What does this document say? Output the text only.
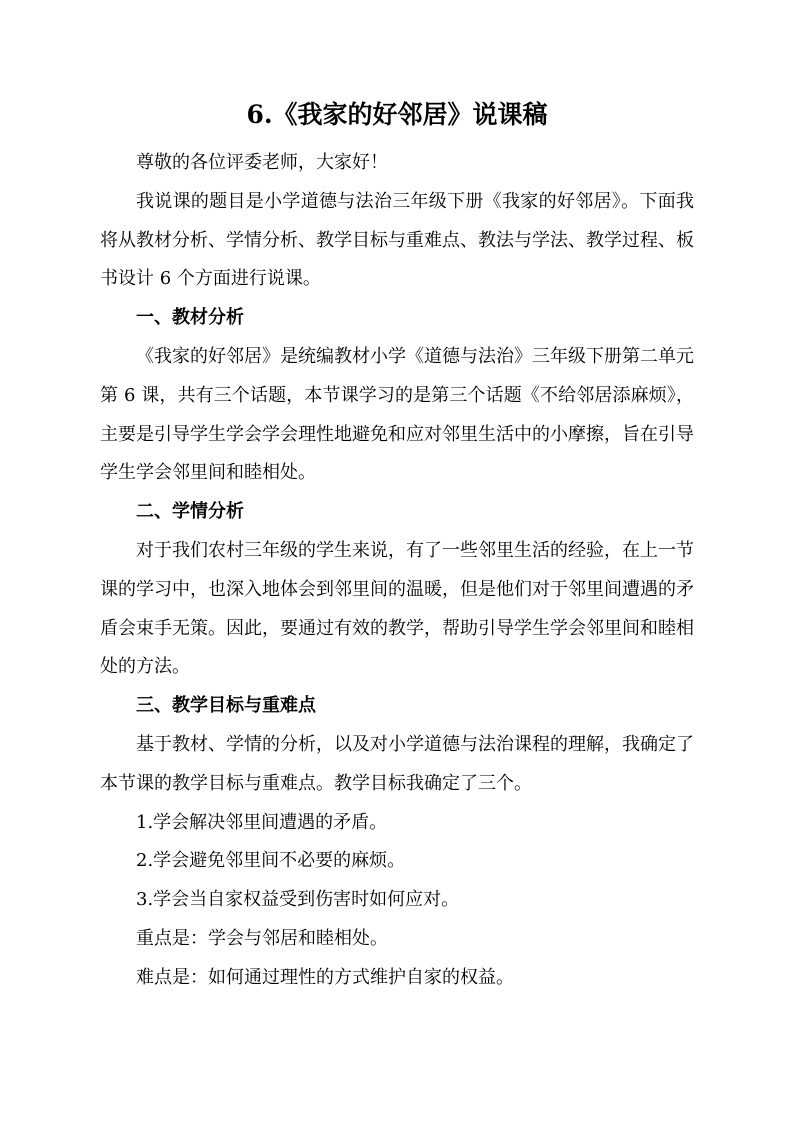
6.《我家的好邻居》说课稿

尊敬的各位评委老师，大家好！

我说课的题目是小学道德与法治三年级下册《我家的好邻居》。下面我将从教材分析、学情分析、教学目标与重难点、教法与学法、教学过程、板书设计 6 个方面进行说课。

一、教材分析

《我家的好邻居》是统编教材小学《道德与法治》三年级下册第二单元第 6 课，共有三个话题，本节课学习的是第三个话题《不给邻居添麻烦》，主要是引导学生学会学会理性地避免和应对邻里生活中的小摩擦，旨在引导学生学会邻里间和睦相处。

二、学情分析

对于我们农村三年级的学生来说，有了一些邻里生活的经验，在上一节课的学习中，也深入地体会到邻里间的温暖，但是他们对于邻里间遭遇的矛盾会束手无策。因此，要通过有效的教学，帮助引导学生学会邻里间和睦相处的方法。

三、教学目标与重难点

基于教材、学情的分析，以及对小学道德与法治课程的理解，我确定了本节课的教学目标与重难点。教学目标我确定了三个。

1.学会解决邻里间遭遇的矛盾。

2.学会避免邻里间不必要的麻烦。

3.学会当自家权益受到伤害时如何应对。

重点是：学会与邻居和睦相处。

难点是：如何通过理性的方式维护自家的权益。
